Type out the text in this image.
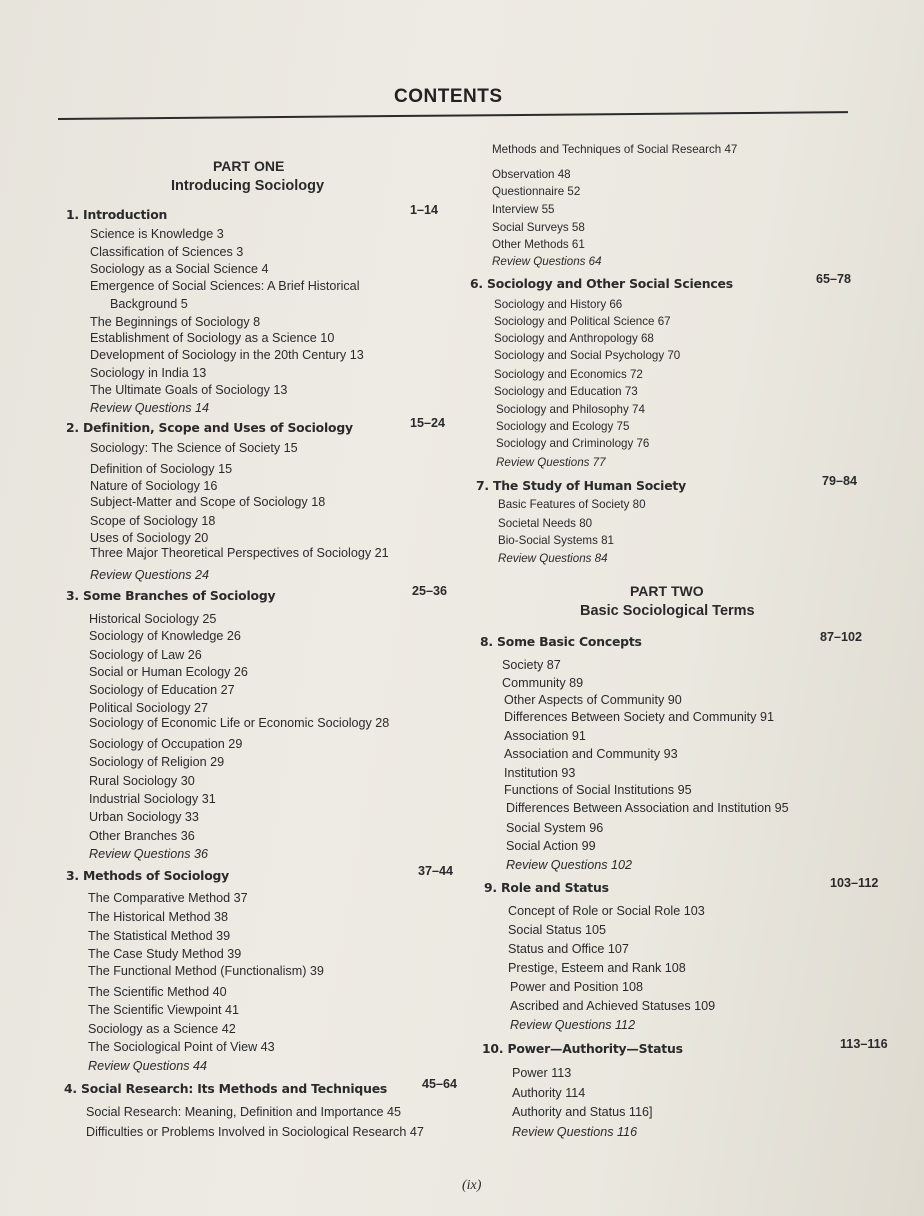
CONTENTS
PART ONE
Introducing Sociology
PART TWO
Basic Sociological Terms
1. Introduction	1–14
Science is Knowledge 3
Classification of Sciences 3
Sociology as a Social Science 4
Emergence of Social Sciences: A Brief Historical
Background 5
The Beginnings of Sociology 8
Establishment of Sociology as a Science 10
Development of Sociology in the 20th Century 13
Sociology in India 13
The Ultimate Goals of Sociology 13
Review Questions 14
2. Definition, Scope and Uses of Sociology	15–24
Sociology: The Science of Society 15
Definition of Sociology 15
Nature of Sociology 16
Subject-Matter and Scope of Sociology 18
Scope of Sociology 18
Uses of Sociology 20
Three Major Theoretical Perspectives of Sociology 21
Review Questions 24
3. Some Branches of Sociology	25–36
Historical Sociology 25
Sociology of Knowledge 26
Sociology of Law 26
Social or Human Ecology 26
Sociology of Education 27
Political Sociology 27
Sociology of Economic Life or Economic Sociology 28
Sociology of Occupation 29
Sociology of Religion 29
Rural Sociology 30
Industrial Sociology 31
Urban Sociology 33
Other Branches 36
Review Questions 36
3. Methods of Sociology	37–44
The Comparative Method 37
The Historical Method 38
The Statistical Method 39
The Case Study Method 39
The Functional Method (Functionalism) 39
The Scientific Method 40
The Scientific Viewpoint 41
Sociology as a Science 42
The Sociological Point of View 43
Review Questions 44
4. Social Research: Its Methods and Techniques	45–64
Social Research: Meaning, Definition and Importance 45
Difficulties or Problems Involved in Sociological Research 47
Methods and Techniques of Social Research 47
Observation 48
Questionnaire 52
Interview 55
Social Surveys 58
Other Methods 61
Review Questions 64
6. Sociology and Other Social Sciences	65–78
Sociology and History 66
Sociology and Political Science 67
Sociology and Anthropology 68
Sociology and Social Psychology 70
Sociology and Economics 72
Sociology and Education 73
Sociology and Philosophy 74
Sociology and Ecology 75
Sociology and Criminology 76
Review Questions 77
7. The Study of Human Society	79–84
Basic Features of Society 80
Societal Needs 80
Bio-Social Systems 81
Review Questions 84
8. Some Basic Concepts	87–102
Society 87
Community 89
Other Aspects of Community 90
Differences Between Society and Community 91
Association 91
Association and Community 93
Institution 93
Functions of Social Institutions 95
Differences Between Association and Institution 95
Social System 96
Social Action 99
Review Questions 102
9. Role and Status	103–112
Concept of Role or Social Role 103
Social Status 105
Status and Office 107
Prestige, Esteem and Rank 108
Power and Position 108
Ascribed and Achieved Statuses 109
Review Questions 112
10. Power—Authority—Status	113–116
Power 113
Authority 114
Authority and Status 116]
Review Questions 116
(ix)
